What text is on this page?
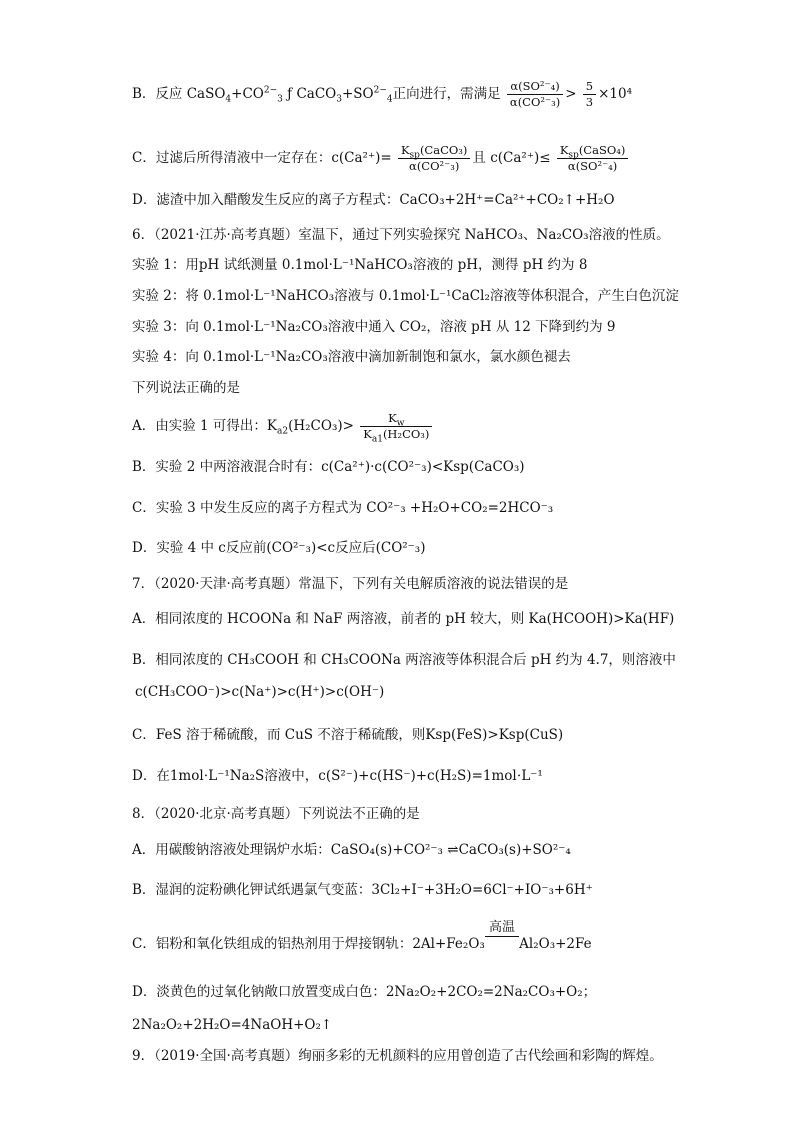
B．反应 $CaSO_4+CO^{2-}_3$ ƒ $CaCO_3+SO^{2-}_4$正向进行，需满足 $\frac{\text{α(SO²⁻₄)}}{\text{α(CO²⁻₃)}} > \frac{5}{3} \times 10^4$
C．过滤后所得清液中一定存在：$c(Ca^{2+})= \frac{K_{sp}(CaCO_3)}{\text{α(CO²⁻₃)}}$ 且 $c(Ca^{2+})\le \frac{K_{sp}(CaSO_4)}{\text{α(SO²⁻₄)}}$
D．滤渣中加入醋酸发生反应的离子方程式：CaCO₃+2H⁺=Ca²⁺+CO₂↑+H₂O
6．（2021·江苏·高考真题）室温下，通过下列实验探究 NaHCO₃、Na₂CO₃溶液的性质。
实验 1：用pH 试纸测量 0.1mol·L⁻¹NaHCO₃溶液的 pH，测得 pH 约为 8
实验 2：将 0.1mol·L⁻¹NaHCO₃溶液与 0.1mol·L⁻¹CaCl₂溶液等体积混合，产生白色沉淀
实验 3：向 0.1mol·L⁻¹Na₂CO₃溶液中通入 CO₂，溶液 pH 从 12 下降到约为 9
实验 4：向 0.1mol·L⁻¹Na₂CO₃溶液中滴加新制饱和氯水，氯水颜色褪去
下列说法正确的是
A．由实验 1 可得出：$K_{a2}(H_2CO_3)> \frac{K_w}{K_{a1}(H_2CO_3)}$
B．实验 2 中两溶液混合时有：c(Ca²⁺)·c(CO²⁻₃)<Ksp(CaCO₃)
C．实验 3 中发生反应的离子方程式为 CO²⁻₃ +H₂O+CO₂=2HCO⁻₃
D．实验 4 中 c反应前(CO²⁻₃)<c反应后(CO²⁻₃)
7．（2020·天津·高考真题）常温下，下列有关电解质溶液的说法错误的是
A．相同浓度的 HCOONa 和 NaF 两溶液，前者的 pH 较大，则 Ka(HCOOH)>Ka(HF)
B．相同浓度的 CH₃COOH 和 CH₃COONa 两溶液等体积混合后 pH 约为 4.7，则溶液中
c(CH₃COO⁻)>c(Na⁺)>c(H⁺)>c(OH⁻)
C．FeS 溶于稀硫酸，而 CuS 不溶于稀硫酸，则Ksp(FeS)>Ksp(CuS)
D．在1mol⋅L⁻¹Na₂S溶液中，c(S²⁻)+c(HS⁻)+c(H₂S)=1mol⋅L⁻¹
8．（2020·北京·高考真题）下列说法不正确的是
A．用碳酸钠溶液处理锅炉水垢：CaSO₄(s)+CO²⁻₃ ⇌CaCO₃(s)+SO²⁻₄
B．湿润的淀粉碘化钾试纸遇氯气变蓝：3Cl₂+I⁻+3H₂O=6Cl⁻+IO⁻₃+6H⁺
C．铝粉和氧化铁组成的铝热剂用于焊接钢轨：2Al+Fe₂O₃
高温

Al₂O₃+2Fe
D．淡黄色的过氧化钠敞口放置变成白色：2Na₂O₂+2CO₂=2Na₂CO₃+O₂；
2Na₂O₂+2H₂O=4NaOH+O₂↑
9．（2019·全国·高考真题）绚丽多彩的无机颜料的应用曾创造了古代绘画和彩陶的辉煌。
